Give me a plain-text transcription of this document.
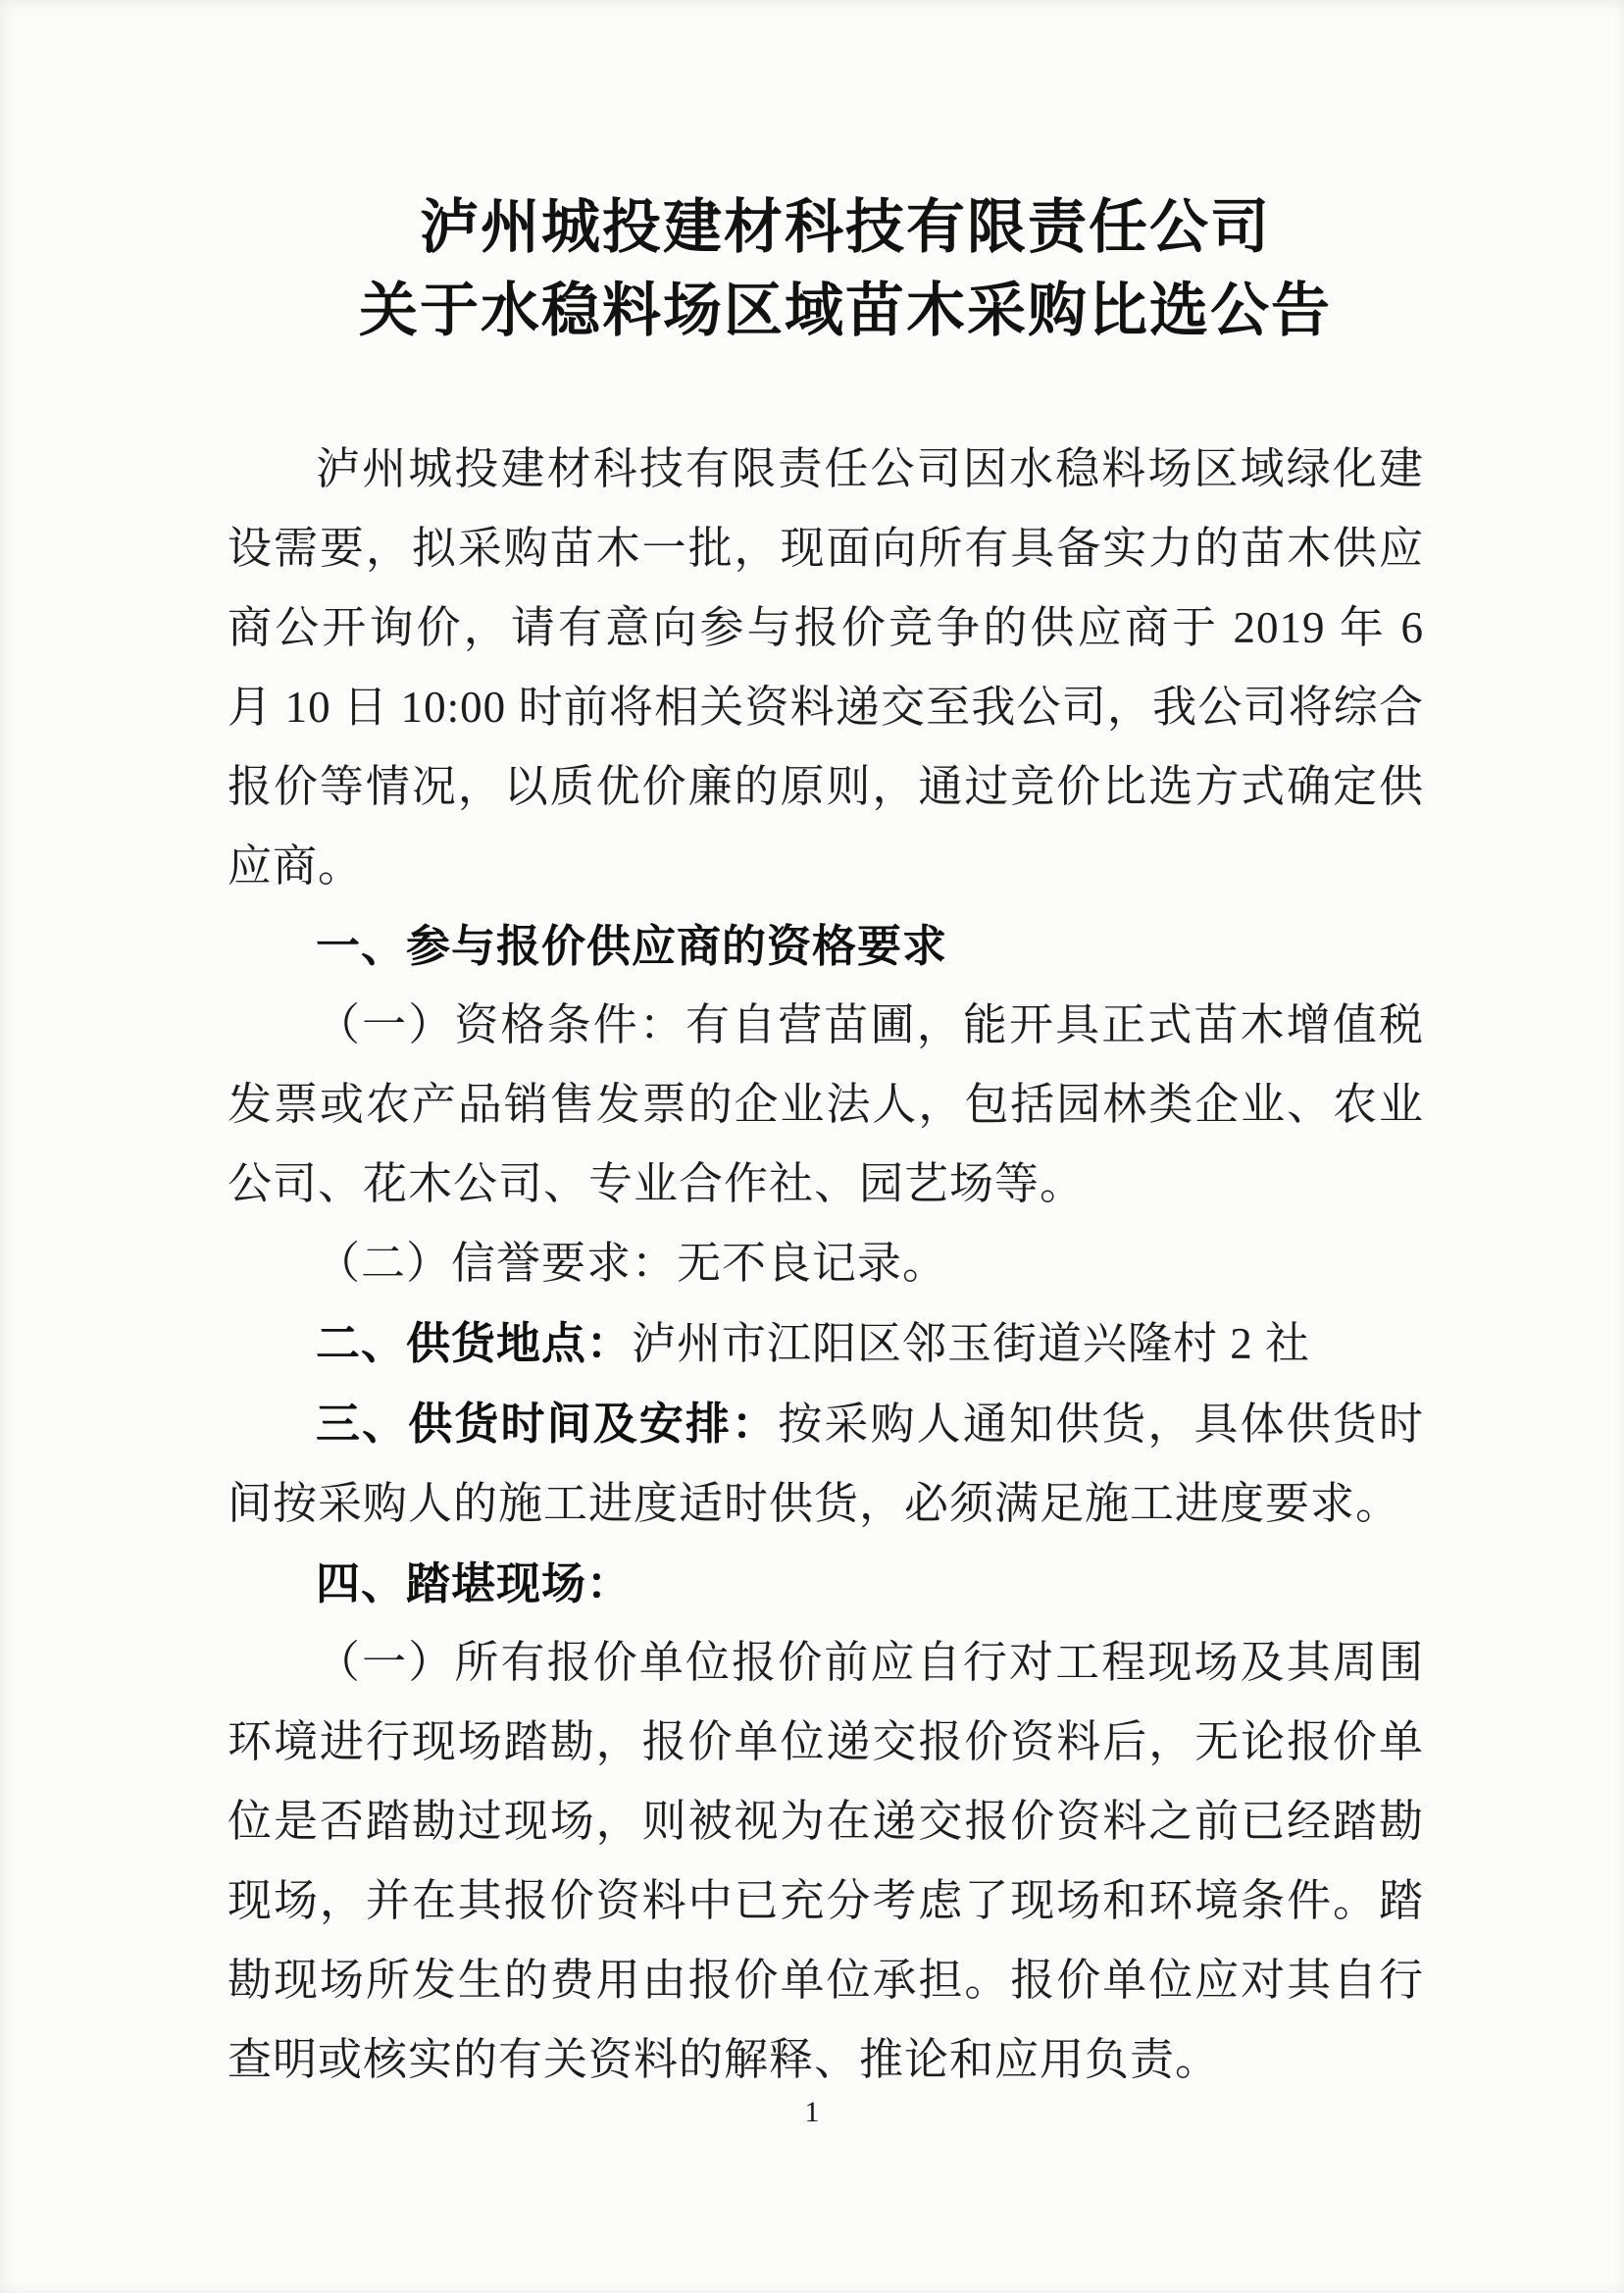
泸州城投建材科技有限责任公司
关于水稳料场区域苗木采购比选公告

泸州城投建材科技有限责任公司因水稳料场区域绿化建设需要，拟采购苗木一批，现面向所有具备实力的苗木供应商公开询价，请有意向参与报价竞争的供应商于 2019 年 6 月 10 日 10:00 时前将相关资料递交至我公司，我公司将综合报价等情况，以质优价廉的原则，通过竞价比选方式确定供应商。

一、参与报价供应商的资格要求

（一）资格条件：有自营苗圃，能开具正式苗木增值税发票或农产品销售发票的企业法人，包括园林类企业、农业公司、花木公司、专业合作社、园艺场等。

（二）信誉要求：无不良记录。

二、供货地点：泸州市江阳区邻玉街道兴隆村 2 社

三、供货时间及安排：按采购人通知供货，具体供货时间按采购人的施工进度适时供货，必须满足施工进度要求。

四、踏堪现场：

（一）所有报价单位报价前应自行对工程现场及其周围环境进行现场踏勘，报价单位递交报价资料后，无论报价单位是否踏勘过现场，则被视为在递交报价资料之前已经踏勘现场，并在其报价资料中已充分考虑了现场和环境条件。踏勘现场所发生的费用由报价单位承担。报价单位应对其自行查明或核实的有关资料的解释、推论和应用负责。

1
